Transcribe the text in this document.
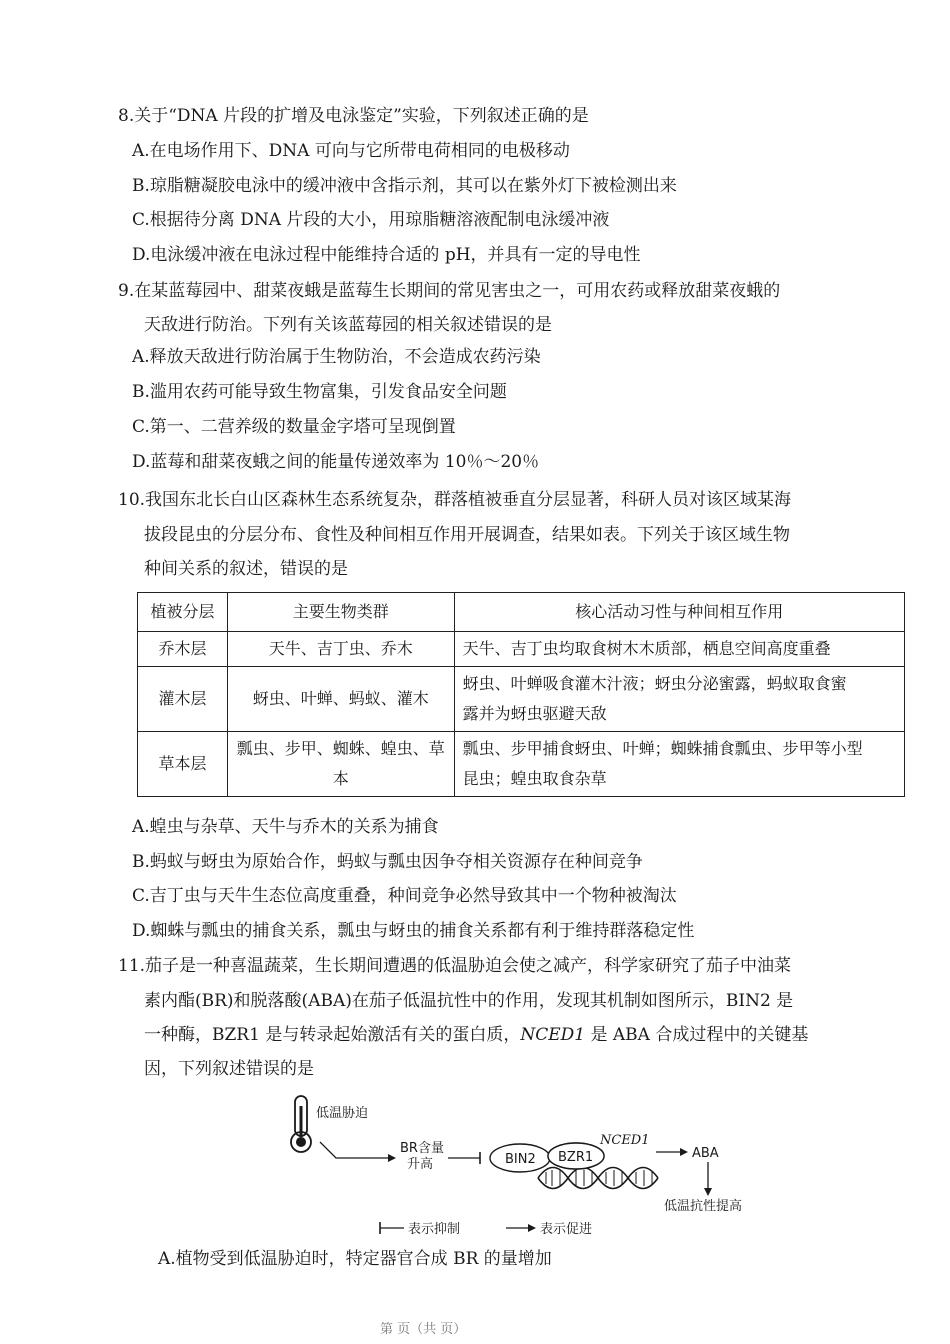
8.关于“DNA 片段的扩增及电泳鉴定”实验，下列叙述正确的是
A.在电场作用下、DNA 可向与它所带电荷相同的电极移动
B.琼脂糖凝胶电泳中的缓冲液中含指示剂，其可以在紫外灯下被检测出来
C.根据待分离 DNA 片段的大小，用琼脂糖溶液配制电泳缓冲液
D.电泳缓冲液在电泳过程中能维持合适的 pH，并具有一定的导电性
9.在某蓝莓园中、甜菜夜蛾是蓝莓生长期间的常见害虫之一，可用农药或释放甜菜夜蛾的
天敌进行防治。下列有关该蓝莓园的相关叙述错误的是
A.释放天敌进行防治属于生物防治，不会造成农药污染
B.滥用农药可能导致生物富集，引发食品安全问题
C.第一、二营养级的数量金字塔可呈现倒置
D.蓝莓和甜菜夜蛾之间的能量传递效率为 10％～20％
10.我国东北长白山区森林生态系统复杂，群落植被垂直分层显著，科研人员对该区域某海
拔段昆虫的分层分布、食性及种间相互作用开展调查，结果如表。下列关于该区域生物
种间关系的叙述，错误的是
植被分层	主要生物类群	核心活动习性与种间相互作用
乔木层	天牛、吉丁虫、乔木	天牛、吉丁虫均取食树木木质部，栖息空间高度重叠

灌木层	蚜虫、叶蝉、蚂蚁、灌木	蚜虫、叶蝉吸食灌木汁液；蚜虫分泌蜜露，蚂蚁取食蜜
露并为蚜虫驱避天敌

草本层	瓢虫、步甲、蜘蛛、蝗虫、草本	瓢虫、步甲捕食蚜虫、叶蝉；蜘蛛捕食瓢虫、步甲等小型
昆虫；蝗虫取食杂草
A.蝗虫与杂草、天牛与乔木的关系为捕食
B.蚂蚁与蚜虫为原始合作，蚂蚁与瓢虫因争夺相关资源存在种间竞争
C.吉丁虫与天牛生态位高度重叠，种间竞争必然导致其中一个物种被淘汰
D.蜘蛛与瓢虫的捕食关系，瓢虫与蚜虫的捕食关系都有利于维持群落稳定性
11.茄子是一种喜温蔬菜，生长期间遭遇的低温胁迫会使之减产，科学家研究了茄子中油菜
素内酯(BR)和脱落酸(ABA)在茄子低温抗性中的作用，发现其机制如图所示，BIN2 是
一种酶，BZR1 是与转录起始激活有关的蛋白质，NCED1 是 ABA 合成过程中的关键基
因，下列叙述错误的是
低温胁迫
BR含量
升高	BIN2 BZR1
NCED1
ABA
低温抗性提高
表示抑制	表示促进
A.植物受到低温胁迫时，特定器官合成 BR 的量增加
第 页（共 页）
